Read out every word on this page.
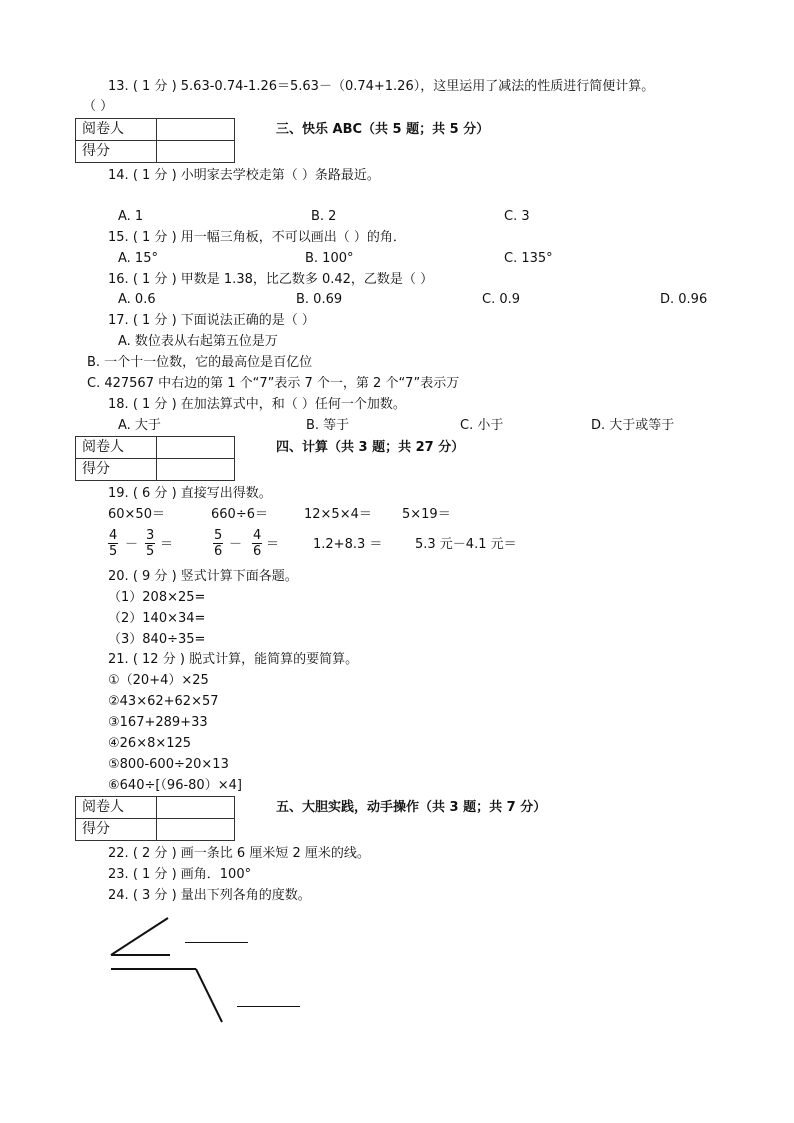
13. ( 1 分 ) 5.63-0.74-1.26＝5.63－（0.74+1.26），这里运用了减法的性质进行简便计算。
（ ）
阅卷人	
得分	
三、快乐 ABC（共 5 题；共 5 分）
14. ( 1 分 ) 小明家去学校走第（ ）条路最近。
A. 1	B. 2	C. 3
15. ( 1 分 ) 用一幅三角板，不可以画出（ ）的角．
A. 15°	B. 100°	C. 135°
16. ( 1 分 ) 甲数是 1.38，比乙数多 0.42，乙数是（ ）
A. 0.6	B. 0.69	C. 0.9	D. 0.96
17. ( 1 分 ) 下面说法正确的是（ ）
A. 数位表从右起第五位是万
B. 一个十一位数，它的最高位是百亿位
C. 427567 中右边的第 1 个“7”表示 7 个一，第 2 个“7”表示万
18. ( 1 分 ) 在加法算式中，和（ ）任何一个加数。
A. 大于	B. 等于	C. 小于	D. 大于或等于
阅卷人	
得分	
四、计算（共 3 题；共 27 分）
19. ( 6 分 ) 直接写出得数。
60×50＝	660÷6＝	12×5×4＝ 5×19＝
$\frac{4}{5} - \frac{3}{5}$ ＝	$\frac{5}{6} - \frac{4}{6}$ ＝	1.2+8.3 ＝	5.3 元－4.1 元＝
20. ( 9 分 ) 竖式计算下面各题。
（1）208×25=
（2）140×34=
（3）840÷35=
21. ( 12 分 ) 脱式计算，能简算的要简算。
①（20+4）×25
②43×62+62×57
③167+289+33
④26×8×125
⑤800-600÷20×13
⑥640÷[（96-80）×4]
阅卷人	
得分	
五、大胆实践，动手操作（共 3 题；共 7 分）
22. ( 2 分 ) 画一条比 6 厘米短 2 厘米的线。
23. ( 1 分 ) 画角．100°
24. ( 3 分 ) 量出下列各角的度数。
